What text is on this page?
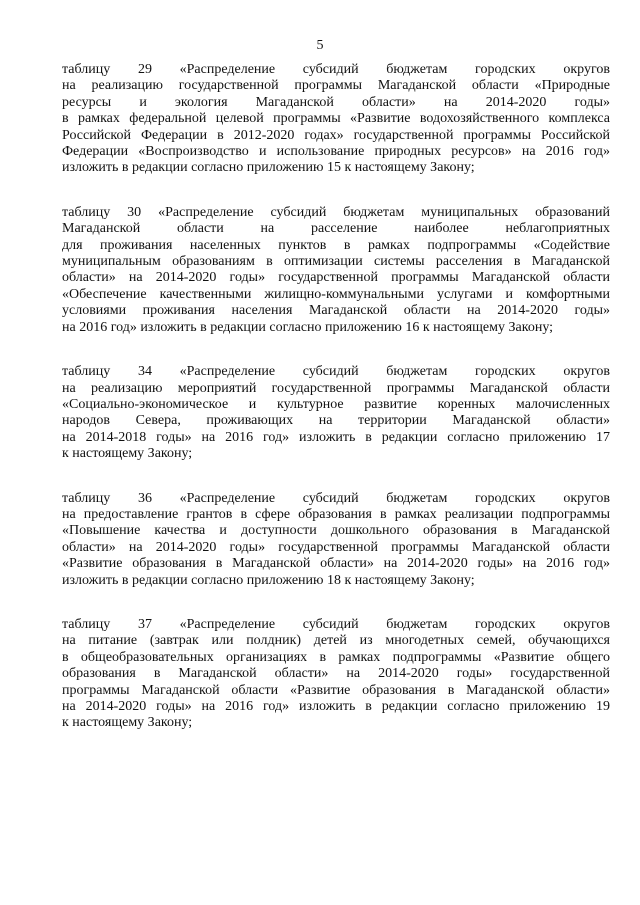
5

таблицу 29 «Распределение субсидий бюджетам городских округов
на реализацию государственной программы Магаданской области «Природные
ресурсы и экология Магаданской области» на 2014-2020 годы»
в рамках федеральной целевой программы «Развитие водохозяйственного комплекса
Российской Федерации в 2012-2020 годах» государственной программы Российской
Федерации «Воспроизводство и использование природных ресурсов» на 2016 год»
изложить в редакции согласно приложению 15 к настоящему Закону;

таблицу 30 «Распределение субсидий бюджетам муниципальных образований
Магаданской области на расселение наиболее неблагоприятных
для проживания населенных пунктов в рамках подпрограммы «Содействие
муниципальным образованиям в оптимизации системы расселения в Магаданской
области» на 2014-2020 годы» государственной программы Магаданской области
«Обеспечение качественными жилищно-коммунальными услугами и комфортными
условиями проживания населения Магаданской области на 2014-2020 годы»
на 2016 год» изложить в редакции согласно приложению 16 к настоящему Закону;

таблицу 34 «Распределение субсидий бюджетам городских округов
на реализацию мероприятий государственной программы Магаданской области
«Социально-экономическое и культурное развитие коренных малочисленных
народов Севера, проживающих на территории Магаданской области»
на 2014-2018 годы» на 2016 год» изложить в редакции согласно приложению 17
к настоящему Закону;

таблицу 36 «Распределение субсидий бюджетам городских округов
на предоставление грантов в сфере образования в рамках реализации подпрограммы
«Повышение качества и доступности дошкольного образования в Магаданской
области» на 2014-2020 годы» государственной программы Магаданской области
«Развитие образования в Магаданской области» на 2014-2020 годы» на 2016 год»
изложить в редакции согласно приложению 18 к настоящему Закону;

таблицу 37 «Распределение субсидий бюджетам городских округов
на питание (завтрак или полдник) детей из многодетных семей, обучающихся
в общеобразовательных организациях в рамках подпрограммы «Развитие общего
образования в Магаданской области» на 2014-2020 годы» государственной
программы Магаданской области «Развитие образования в Магаданской области»
на 2014-2020 годы» на 2016 год» изложить в редакции согласно приложению 19
к настоящему Закону;
